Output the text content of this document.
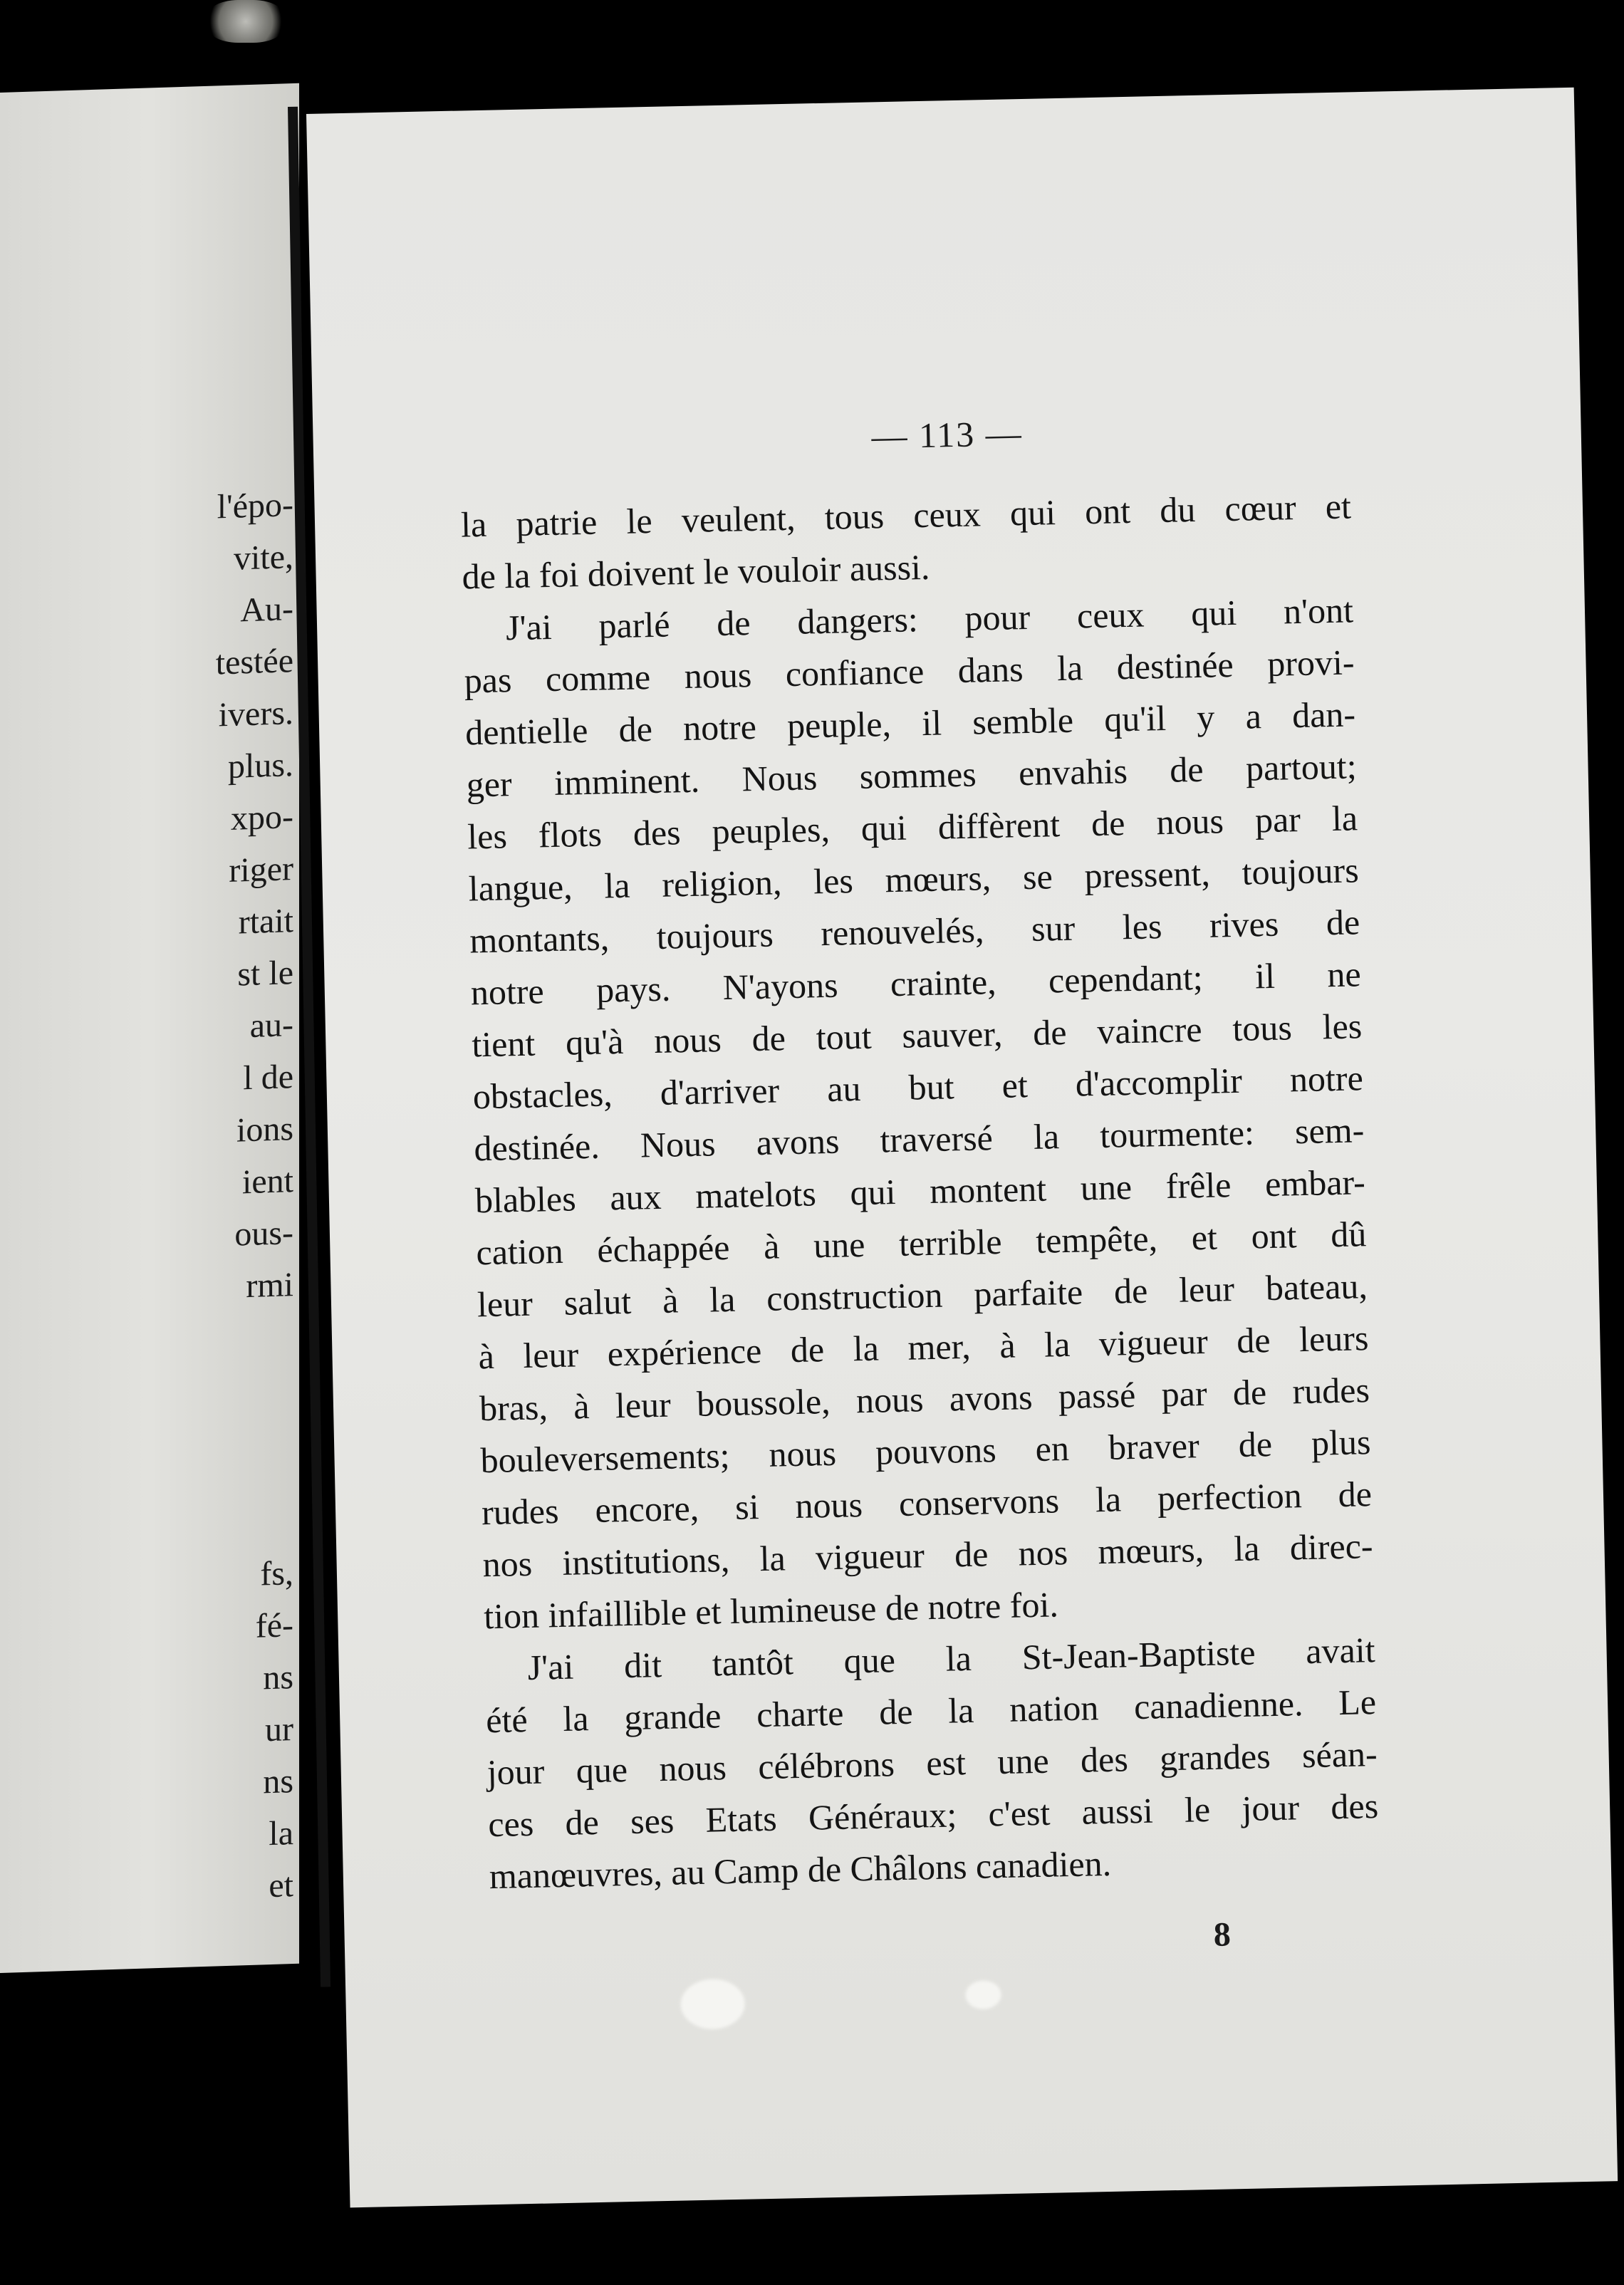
l'épo-
vite,
Au-
testée
ivers.
plus.
xpo-
riger
rtait
st le
au-
l de
ions
ient
ous-
rmi
fs,
fé-
ns
ur
ns
la
et
— 113 —
la patrie le veulent, tous ceux qui ont du cœur et
de la foi doivent le vouloir aussi.
J'ai parlé de dangers: pour ceux qui n'ont
pas comme nous confiance dans la destinée provi-
dentielle de notre peuple, il semble qu'il y a dan-
ger imminent. Nous sommes envahis de partout;
les flots des peuples, qui diffèrent de nous par la
langue, la religion, les mœurs, se pressent, toujours
montants, toujours renouvelés, sur les rives de
notre pays. N'ayons crainte, cependant; il ne
tient qu'à nous de tout sauver, de vaincre tous les
obstacles, d'arriver au but et d'accomplir notre
destinée. Nous avons traversé la tourmente: sem-
blables aux matelots qui montent une frêle embar-
cation échappée à une terrible tempête, et ont dû
leur salut à la construction parfaite de leur bateau,
à leur expérience de la mer, à la vigueur de leurs
bras, à leur boussole, nous avons passé par de rudes
bouleversements; nous pouvons en braver de plus
rudes encore, si nous conservons la perfection de
nos institutions, la vigueur de nos mœurs, la direc-
tion infaillible et lumineuse de notre foi.
J'ai dit tantôt que la St-Jean-Baptiste avait
été la grande charte de la nation canadienne. Le
jour que nous célébrons est une des grandes séan-
ces de ses Etats Généraux; c'est aussi le jour des
manœuvres, au Camp de Châlons canadien.
8
